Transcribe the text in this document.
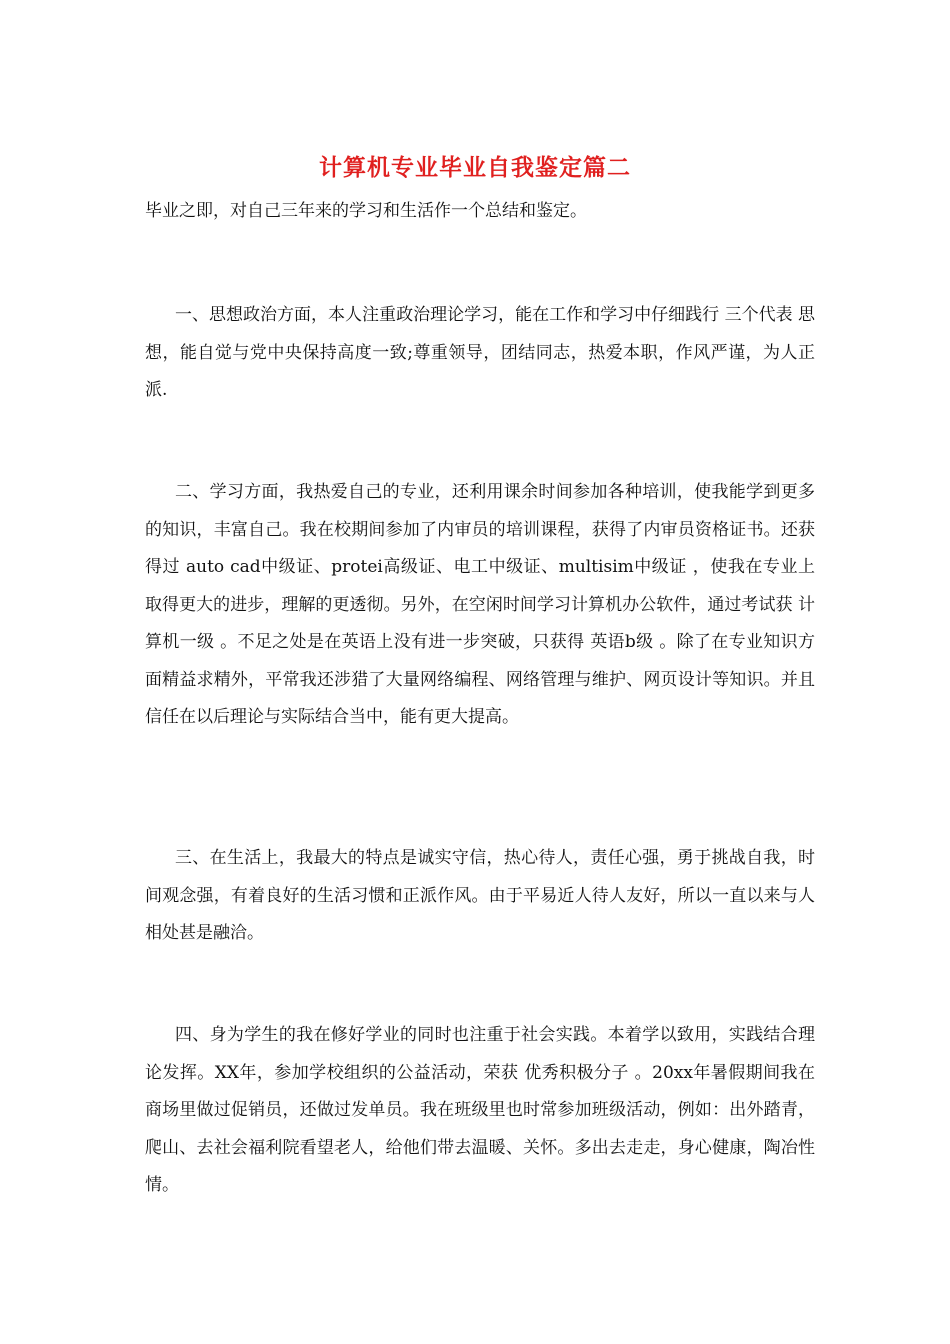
计算机专业毕业自我鉴定篇二
毕业之即，对自己三年来的学习和生活作一个总结和鉴定。

一、思想政治方面，本人注重政治理论学习，能在工作和学习中仔细践行 三个代表 思想，能自觉与党中央保持高度一致;尊重领导，团结同志，热爱本职，作风严谨，为人正派.

二、学习方面，我热爱自己的专业，还利用课余时间参加各种培训，使我能学到更多的知识，丰富自己。我在校期间参加了内审员的培训课程，获得了内审员资格证书。还获得过 auto cad中级证、protei高级证、电工中级证、multisim中级证 ，使我在专业上取得更大的进步，理解的更透彻。另外，在空闲时间学习计算机办公软件，通过考试获 计算机一级 。不足之处是在英语上没有进一步突破，只获得 英语b级 。除了在专业知识方面精益求精外，平常我还涉猎了大量网络编程、网络管理与维护、网页设计等知识。并且信任在以后理论与实际结合当中，能有更大提高。

三、在生活上，我最大的特点是诚实守信，热心待人，责任心强，勇于挑战自我，时间观念强，有着良好的生活习惯和正派作风。由于平易近人待人友好，所以一直以来与人相处甚是融洽。

四、身为学生的我在修好学业的同时也注重于社会实践。本着学以致用，实践结合理论发挥。XX年，参加学校组织的公益活动，荣获 优秀积极分子 。20xx年暑假期间我在商场里做过促销员，还做过发单员。我在班级里也时常参加班级活动，例如：出外踏青，爬山、去社会福利院看望老人，给他们带去温暖、关怀。多出去走走，身心健康，陶冶性情。
